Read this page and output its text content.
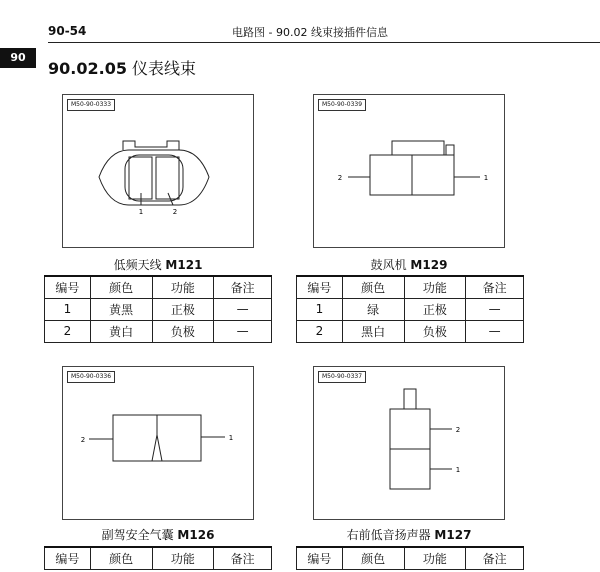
90-54	电路图 - 90.02 线束接插件信息
90
90.02.05 仪表线束
M50-90-0333
1	2
低频天线 M121
编号	颜色	功能	备注
1	黄黑	正极	—
2	黄白	负极	—
M50-90-0339
2	1
鼓风机 M129
编号	颜色	功能	备注
1	绿	正极	—
2	黑白	负极	—
M50-90-0336
2	1
副驾安全气囊 M126
编号	颜色	功能	备注
M50-90-0337
2
1
右前低音扬声器 M127
编号	颜色	功能	备注
